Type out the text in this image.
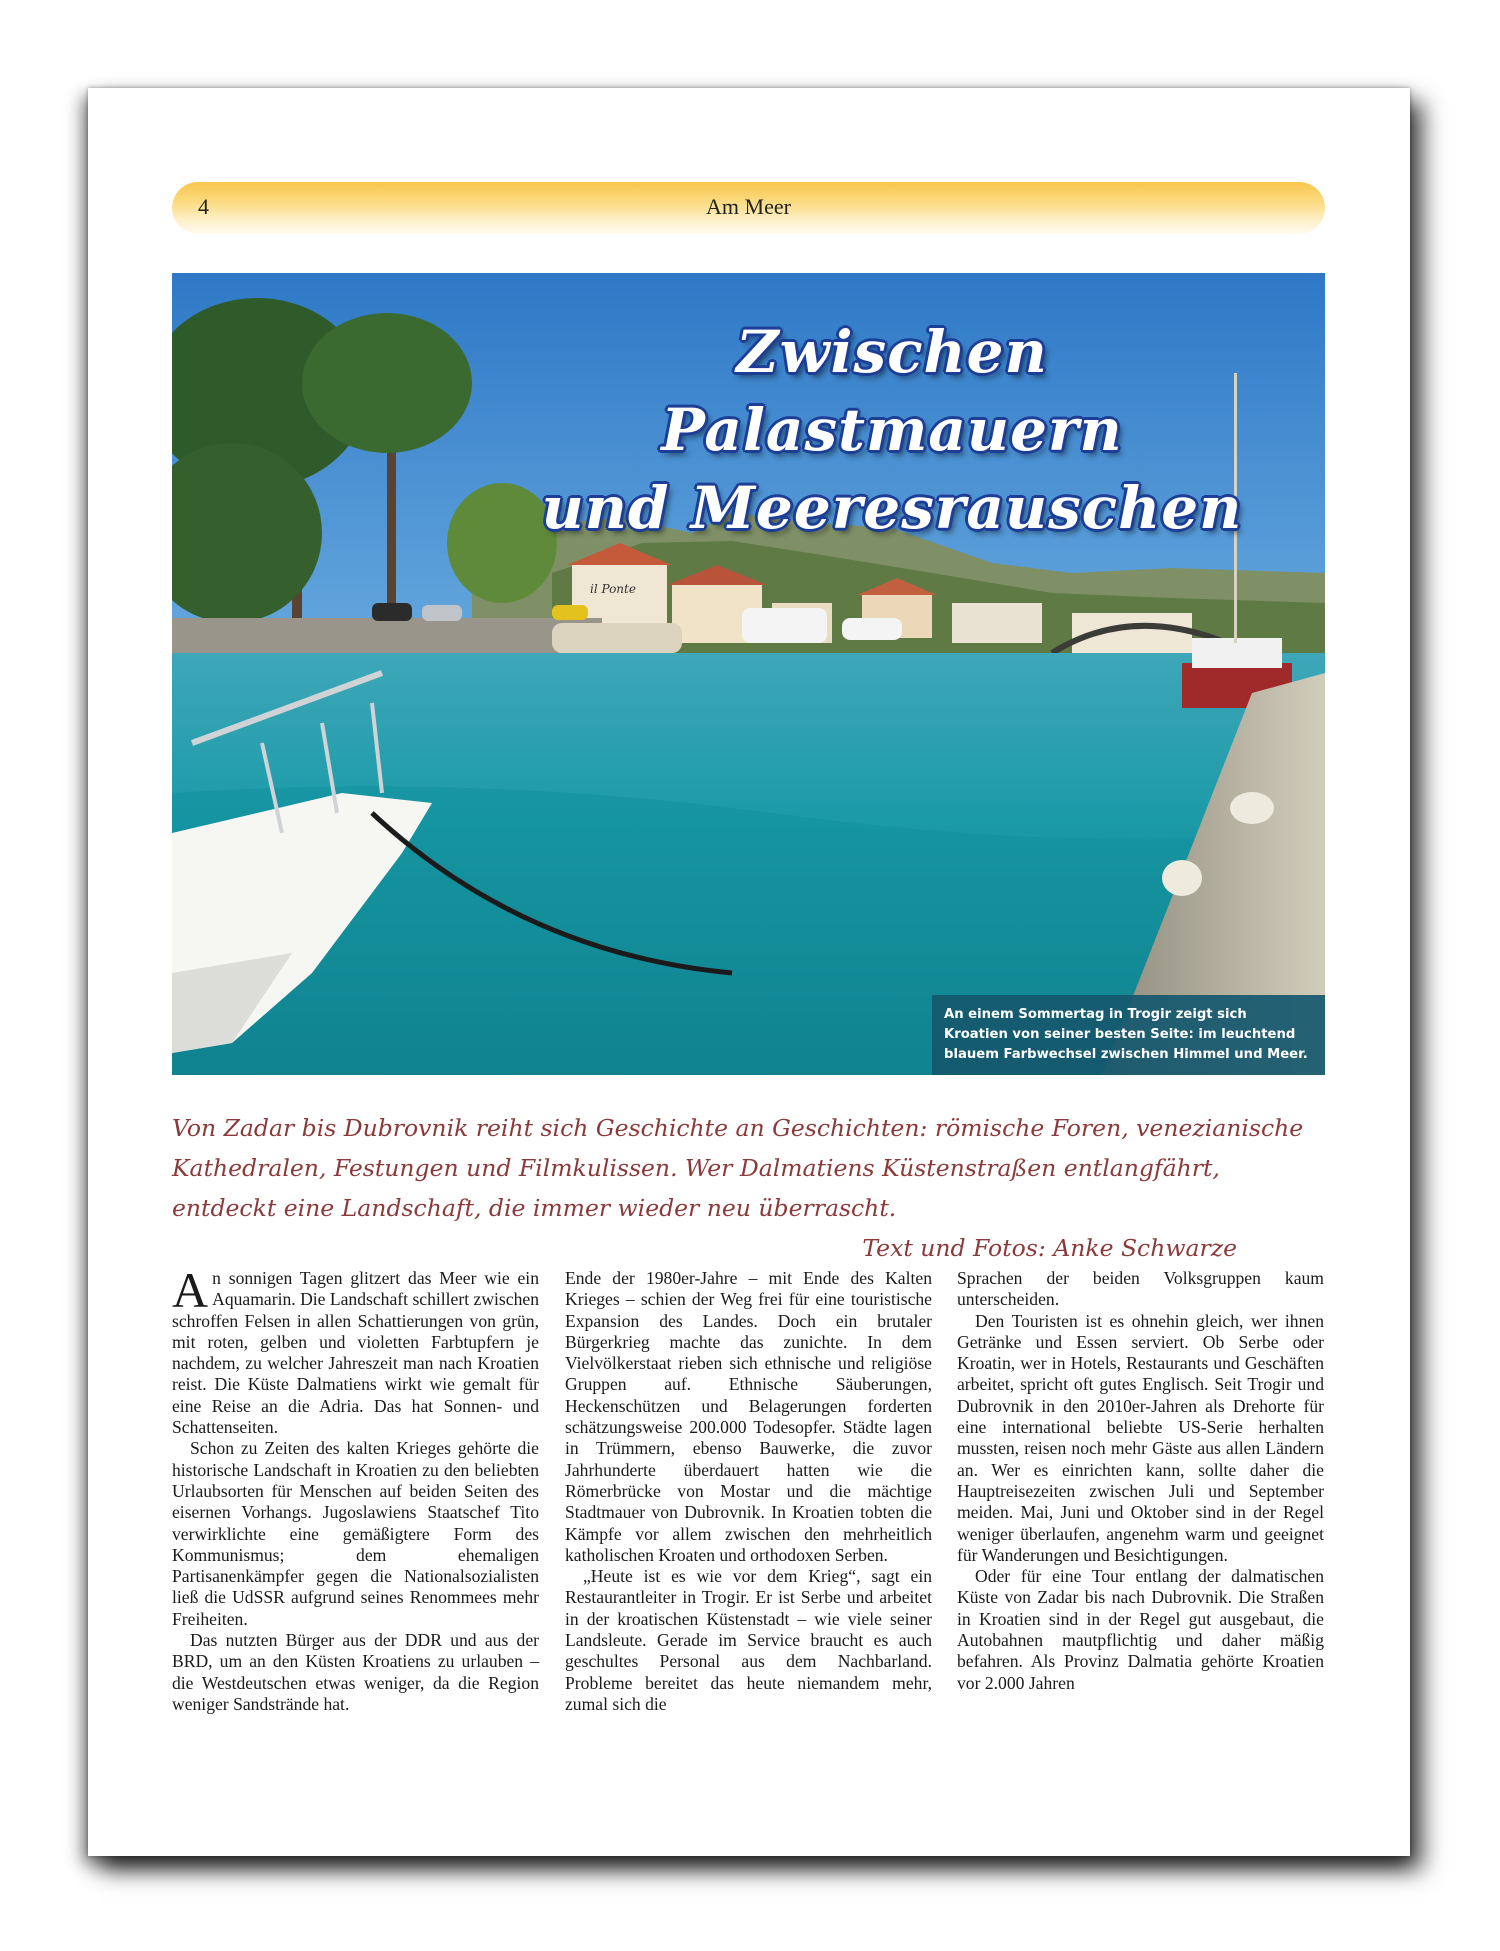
4	Am Meer
il Ponte
Zwischen Palastmauern
und Meeresrauschen
An einem Sommertag in Trogir zeigt sich Kroatien von seiner besten Seite: im leuchtend blauem Farbwechsel zwischen Himmel und Meer.
Von Zadar bis Dubrovnik reiht sich Geschichte an Geschichten: römische Foren, venezianische Kathedralen, Festungen und Filmkulissen. Wer Dalmatiens Küstenstraßen entlangfährt, entdeckt eine Landschaft, die immer wieder neu überrascht.
Text und Fotos: Anke Schwarze

An sonnigen Tagen glitzert das Meer wie ein Aquamarin. Die Landschaft schillert zwischen schroffen Felsen in allen Schattierungen von grün, mit roten, gelben und violetten Farbtupfern je nachdem, zu welcher Jahreszeit man nach Kroatien reist. Die Küste Dalmatiens wirkt wie gemalt für eine Reise an die Adria. Das hat Sonnen- und Schattenseiten.

Schon zu Zeiten des kalten Krieges gehörte die historische Landschaft in Kroatien zu den beliebten Urlaubsorten für Menschen auf beiden Seiten des eisernen Vorhangs. Jugoslawiens Staatschef Tito verwirklichte eine gemäßigtere Form des Kommunismus; dem ehemaligen Partisanenkämpfer gegen die Nationalsozialisten ließ die UdSSR aufgrund seines Renommees mehr Freiheiten.

Das nutzten Bürger aus der DDR und aus der BRD, um an den Küsten Kroatiens zu urlauben – die Westdeutschen etwas weniger, da die Region weniger Sandstrände hat.

Ende der 1980er-Jahre – mit Ende des Kalten Krieges – schien der Weg frei für eine touristische Expansion des Landes. Doch ein brutaler Bürgerkrieg machte das zunichte. In dem Vielvölkerstaat rieben sich ethnische und religiöse Gruppen auf. Ethnische Säuberungen, Heckenschützen und Belagerungen forderten schätzungsweise 200.000 Todesopfer. Städte lagen in Trümmern, ebenso Bauwerke, die zuvor Jahrhunderte überdauert hatten wie die Römerbrücke von Mostar und die mächtige Stadtmauer von Dubrovnik. In Kroatien tobten die Kämpfe vor allem zwischen den mehrheitlich katholischen Kroaten und orthodoxen Serben.

„Heute ist es wie vor dem Krieg“, sagt ein Restaurantleiter in Trogir. Er ist Serbe und arbeitet in der kroatischen Küstenstadt – wie viele seiner Landsleute. Gerade im Service braucht es auch geschultes Personal aus dem Nachbarland. Probleme bereitet das heute niemandem mehr, zumal sich die

Sprachen der beiden Volksgruppen kaum unterscheiden.

Den Touristen ist es ohnehin gleich, wer ihnen Getränke und Essen serviert. Ob Serbe oder Kroatin, wer in Hotels, Restaurants und Geschäften arbeitet, spricht oft gutes Englisch. Seit Trogir und Dubrovnik in den 2010er-Jahren als Drehorte für eine international beliebte US-Serie herhalten mussten, reisen noch mehr Gäste aus allen Ländern an. Wer es einrichten kann, sollte daher die Hauptreisezeiten zwischen Juli und September meiden. Mai, Juni und Oktober sind in der Regel weniger überlaufen, angenehm warm und geeignet für Wanderungen und Besichtigungen.

Oder für eine Tour entlang der dalmatischen Küste von Zadar bis nach Dubrovnik. Die Straßen in Kroatien sind in der Regel gut ausgebaut, die Autobahnen mautpflichtig und daher mäßig befahren. Als Provinz Dalmatia gehörte Kroatien vor 2.000 Jahren
